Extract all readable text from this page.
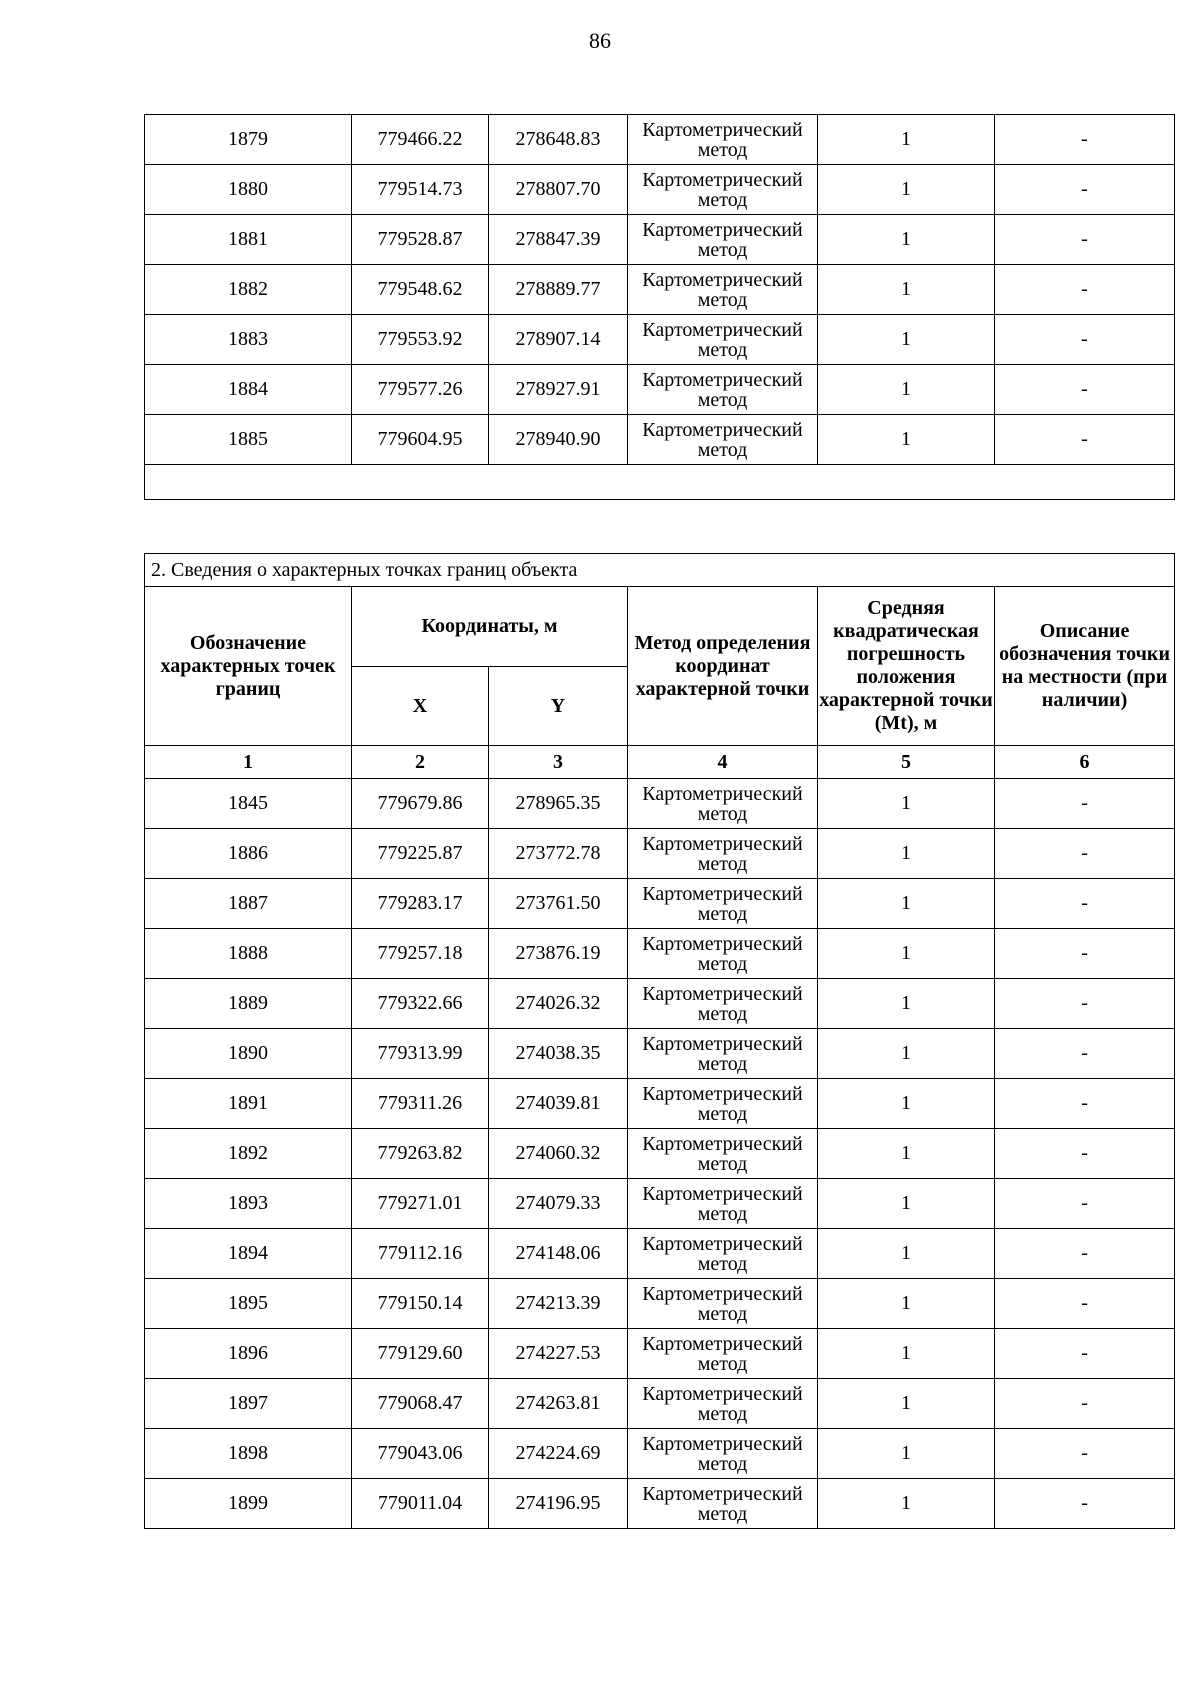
86
1879	779466.22	278648.83	Картометрический метод	1	-
1880	779514.73	278807.70	Картометрический метод	1	-
1881	779528.87	278847.39	Картометрический метод	1	-
1882	779548.62	278889.77	Картометрический метод	1	-
1883	779553.92	278907.14	Картометрический метод	1	-
1884	779577.26	278927.91	Картометрический метод	1	-
1885	779604.95	278940.90	Картометрический метод	1	-

2. Сведения о характерных точках границ объекта					
Обозначение характерных точек границ	Координаты, м		Метод определения координат характерной точки	Средняя квадратическая погрешность положения характерной точки (Mt), м	Описание обозначения точки на местности (при наличии)
	X	Y			
1	2	3	4	5	6
1845	779679.86	278965.35	Картометрический метод	1	-
1886	779225.87	273772.78	Картометрический метод	1	-
1887	779283.17	273761.50	Картометрический метод	1	-
1888	779257.18	273876.19	Картометрический метод	1	-
1889	779322.66	274026.32	Картометрический метод	1	-
1890	779313.99	274038.35	Картометрический метод	1	-
1891	779311.26	274039.81	Картометрический метод	1	-
1892	779263.82	274060.32	Картометрический метод	1	-
1893	779271.01	274079.33	Картометрический метод	1	-
1894	779112.16	274148.06	Картометрический метод	1	-
1895	779150.14	274213.39	Картометрический метод	1	-
1896	779129.60	274227.53	Картометрический метод	1	-
1897	779068.47	274263.81	Картометрический метод	1	-
1898	779043.06	274224.69	Картометрический метод	1	-
1899	779011.04	274196.95	Картометрический метод	1	-
